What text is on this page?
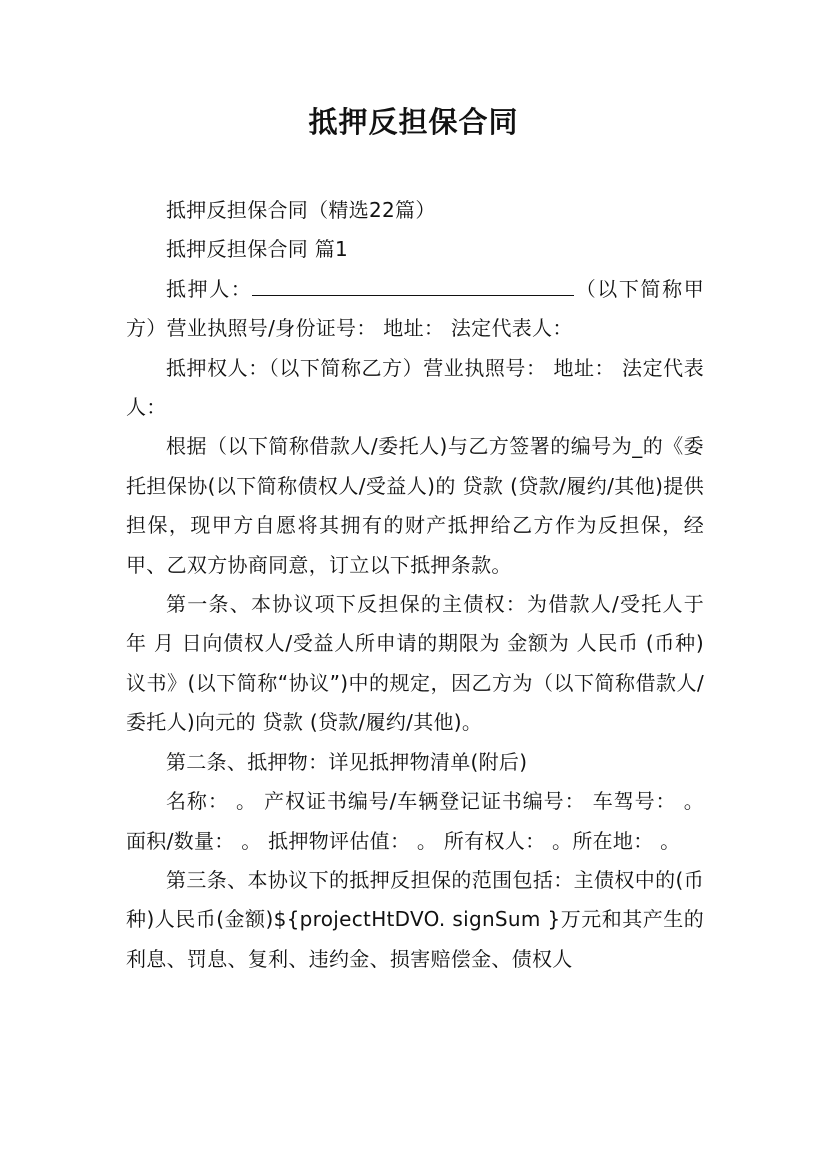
抵押反担保合同

抵押反担保合同（精选22篇）

抵押反担保合同 篇1

抵押人：	（以下简称甲方）营业执照号/身份证号： 地址： 法定代表人：

抵押权人：（以下简称乙方）营业执照号： 地址： 法定代表人：

根据（以下简称借款人/委托人)与乙方签署的编号为_的《委托担保协(以下简称债权人/受益人)的 贷款 (贷款/履约/其他)提供担保，现甲方自愿将其拥有的财产抵押给乙方作为反担保，经甲、乙双方协商同意，订立以下抵押条款。

第一条、本协议项下反担保的主债权：为借款人/受托人于 年 月 日向债权人/受益人所申请的期限为 金额为 人民币 (币种)议书》(以下简称“协议”)中的规定，因乙方为（以下简称借款人/委托人)向元的 贷款 (贷款/履约/其他)。

第二条、抵押物：详见抵押物清单(附后)

名称： 。 产权证书编号/车辆登记证书编号： 车驾号： 。 面积/数量： 。 抵押物评估值： 。 所有权人： 。所在地： 。

第三条、本协议下的抵押反担保的范围包括：主债权中的(币种)人民币(金额)${projectHtDVO. signSum }万元和其产生的利息、罚息、复利、违约金、损害赔偿金、债权人
